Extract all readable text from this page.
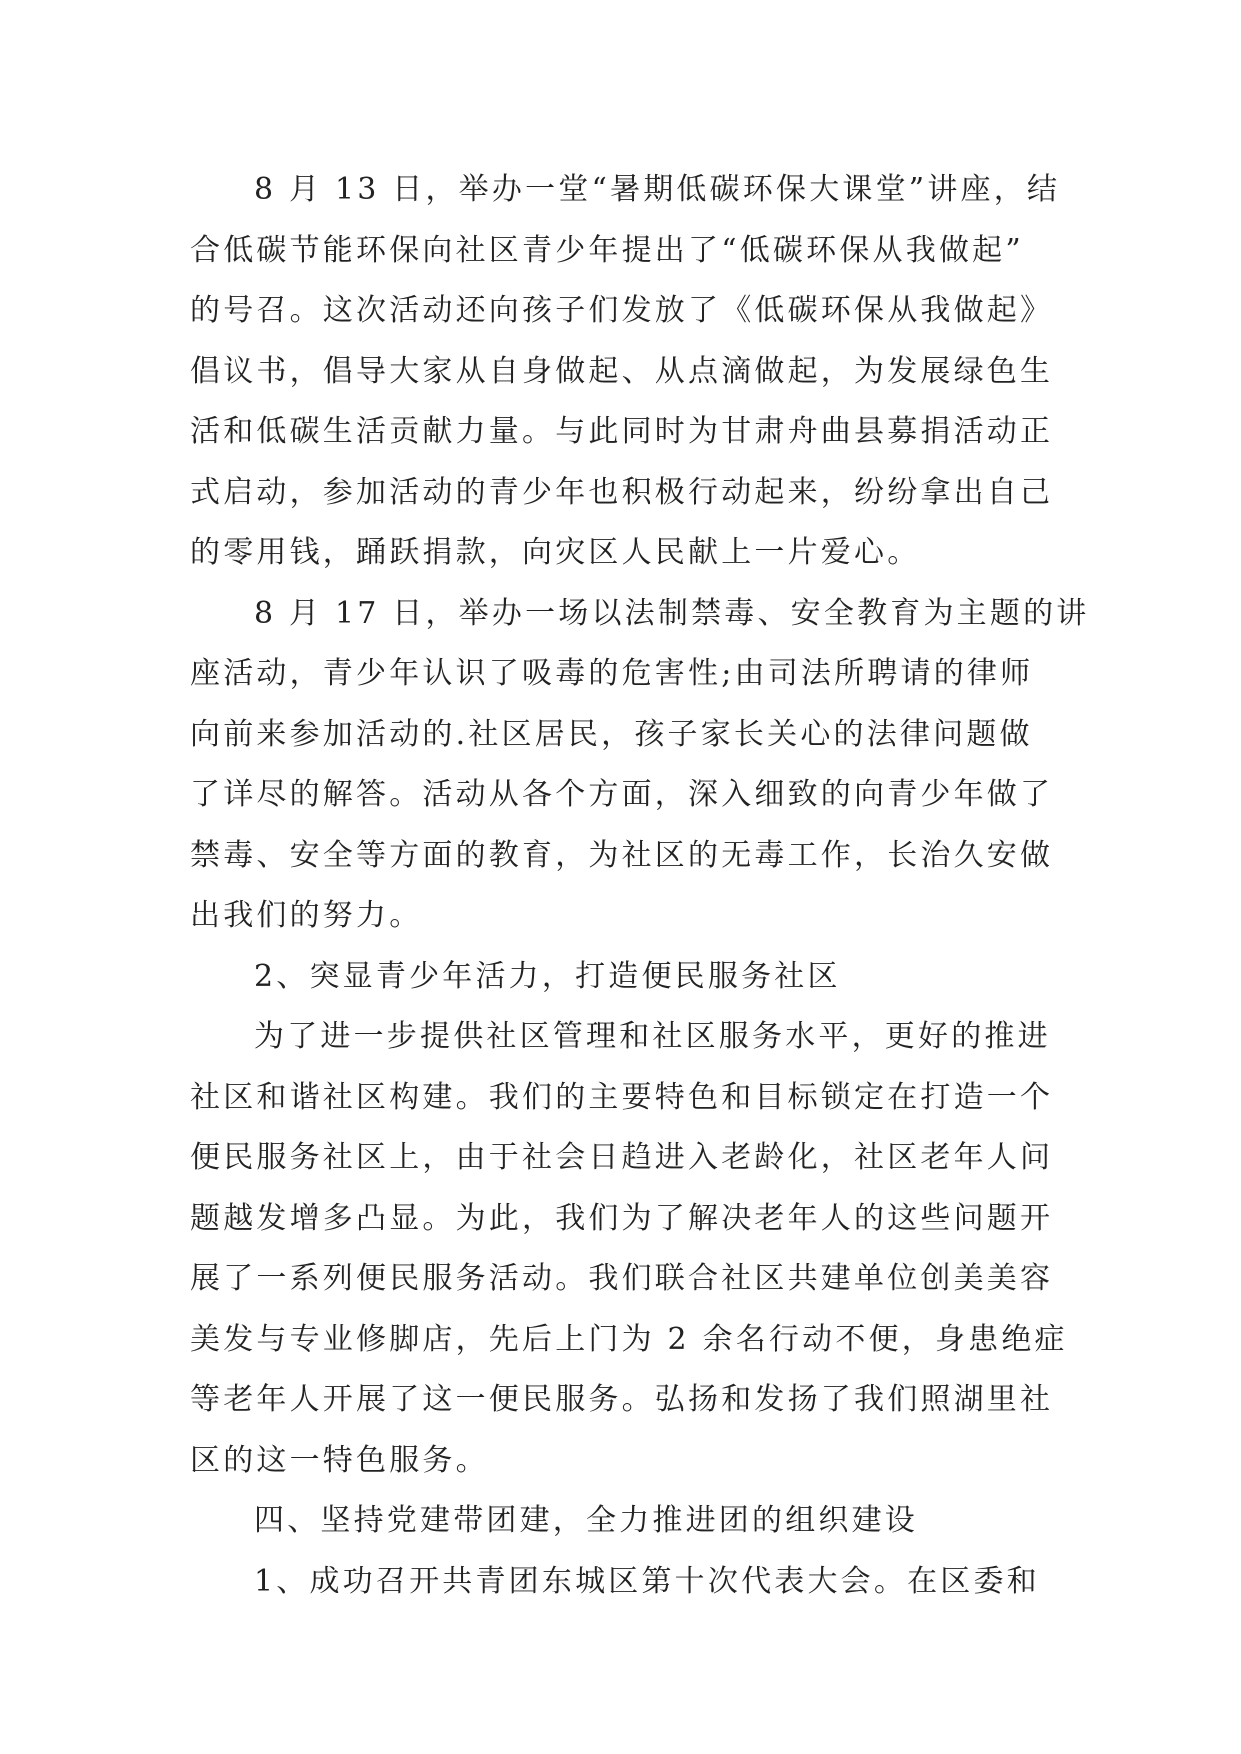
8 月 13 日，举办一堂“暑期低碳环保大课堂”讲座，结
合低碳节能环保向社区青少年提出了“低碳环保从我做起”
的号召。这次活动还向孩子们发放了《低碳环保从我做起》
倡议书，倡导大家从自身做起、从点滴做起，为发展绿色生
活和低碳生活贡献力量。与此同时为甘肃舟曲县募捐活动正
式启动，参加活动的青少年也积极行动起来，纷纷拿出自己
的零用钱，踊跃捐款，向灾区人民献上一片爱心。
8 月 17 日，举办一场以法制禁毒、安全教育为主题的讲
座活动，青少年认识了吸毒的危害性;由司法所聘请的律师
向前来参加活动的.社区居民，孩子家长关心的法律问题做
了详尽的解答。活动从各个方面，深入细致的向青少年做了
禁毒、安全等方面的教育，为社区的无毒工作，长治久安做
出我们的努力。
2、突显青少年活力，打造便民服务社区
为了进一步提供社区管理和社区服务水平，更好的推进
社区和谐社区构建。我们的主要特色和目标锁定在打造一个
便民服务社区上，由于社会日趋进入老龄化，社区老年人问
题越发增多凸显。为此，我们为了解决老年人的这些问题开
展了一系列便民服务活动。我们联合社区共建单位创美美容
美发与专业修脚店，先后上门为 2 余名行动不便，身患绝症
等老年人开展了这一便民服务。弘扬和发扬了我们照湖里社
区的这一特色服务。
四、坚持党建带团建，全力推进团的组织建设
1、成功召开共青团东城区第十次代表大会。在区委和
